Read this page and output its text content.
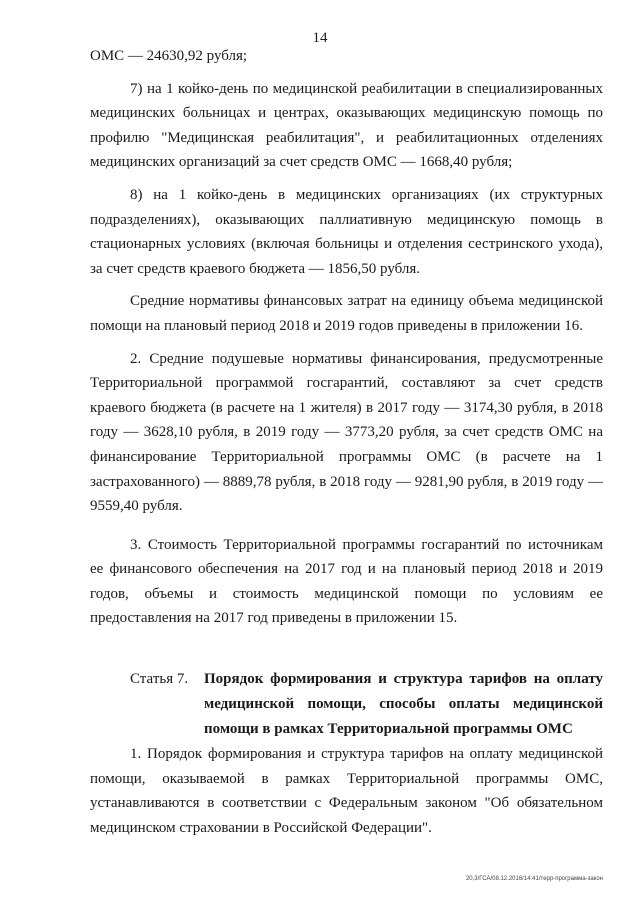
14

ОМС — 24630,92 рубля;

7) на 1 койко-день по медицинской реабилитации в специализированных медицинских больницах и центрах, оказывающих медицинскую помощь по профилю "Медицинская реабилитация", и реабилитационных отделениях медицинских организаций за счет средств ОМС — 1668,40 рубля;

8) на 1 койко-день в медицинских организациях (их структурных подразделениях), оказывающих паллиативную медицинскую помощь в стационарных условиях (включая больницы и отделения сестринского ухода), за счет средств краевого бюджета — 1856,50 рубля.

Средние нормативы финансовых затрат на единицу объема медицинской помощи на плановый период 2018 и 2019 годов приведены в приложении 16.

2. Средние подушевые нормативы финансирования, предусмотренные Территориальной программой госгарантий, составляют за счет средств краевого бюджета (в расчете на 1 жителя) в 2017 году — 3174,30 рубля, в 2018 году — 3628,10 рубля, в 2019 году — 3773,20 рубля, за счет средств ОМС на финансирование Территориальной программы ОМС (в расчете на 1 застрахованного) — 8889,78 рубля, в 2018 году — 9281,90 рубля, в 2019 году — 9559,40 рубля.

3. Стоимость Территориальной программы госгарантий по источникам ее финансового обеспечения на 2017 год и на плановый период 2018 и 2019 годов, объемы и стоимость медицинской помощи по условиям ее предоставления на 2017 год приведены в приложении 15.

Статья 7.	Порядок формирования и структура тарифов на оплату медицинской помощи, способы оплаты медицинской помощи в рамках Территориальной программы ОМС

1. Порядок формирования и структура тарифов на оплату медицинской помощи, оказываемой в рамках Территориальной программы ОМС, устанавливаются в соответствии с Федеральным законом "Об обязательном медицинском страховании в Российской Федерации".

20,3/ГСА/08.12.2016/14:41/терр-программа-закон
